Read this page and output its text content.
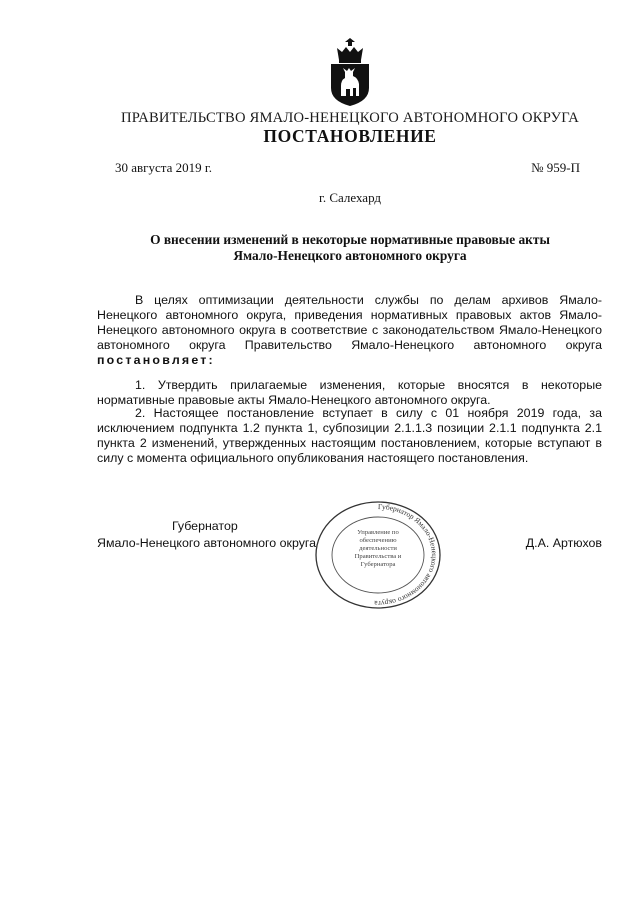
ПРАВИТЕЛЬСТВО ЯМАЛО-НЕНЕЦКОГО АВТОНОМНОГО ОКРУГА
ПОСТАНОВЛЕНИЕ
30 августа 2019 г.	№ 959-П
г. Салехард
О внесении изменений в некоторые нормативные правовые акты
Ямало-Ненецкого автономного округа

В целях оптимизации деятельности службы по делам архивов Ямало-Ненецкого автономного округа, приведения нормативных правовых актов Ямало-Ненецкого автономного округа в соответствие с законодательством Ямало-Ненецкого автономного округа Правительство Ямало-Ненецкого автономного округа постановляет:

1. Утвердить прилагаемые изменения, которые вносятся в некоторые нормативные правовые акты Ямало-Ненецкого автономного округа.

2. Настоящее постановление вступает в силу с 01 ноября 2019 года, за исключением подпункта 1.2 пункта 1, субпозиции 2.1.1.3 позиции 2.1.1 подпункта 2.1 пункта 2 изменений, утвержденных настоящим постановлением, которые вступают в силу с момента официального опубликования настоящего постановления.

Губернатор
Ямало-Ненецкого автономного округа	Д.А. Артюхов
Губернатор Ямало-Ненецкого автономного округа
Управление по обеспечению деятельности Правительства и Губернатора
